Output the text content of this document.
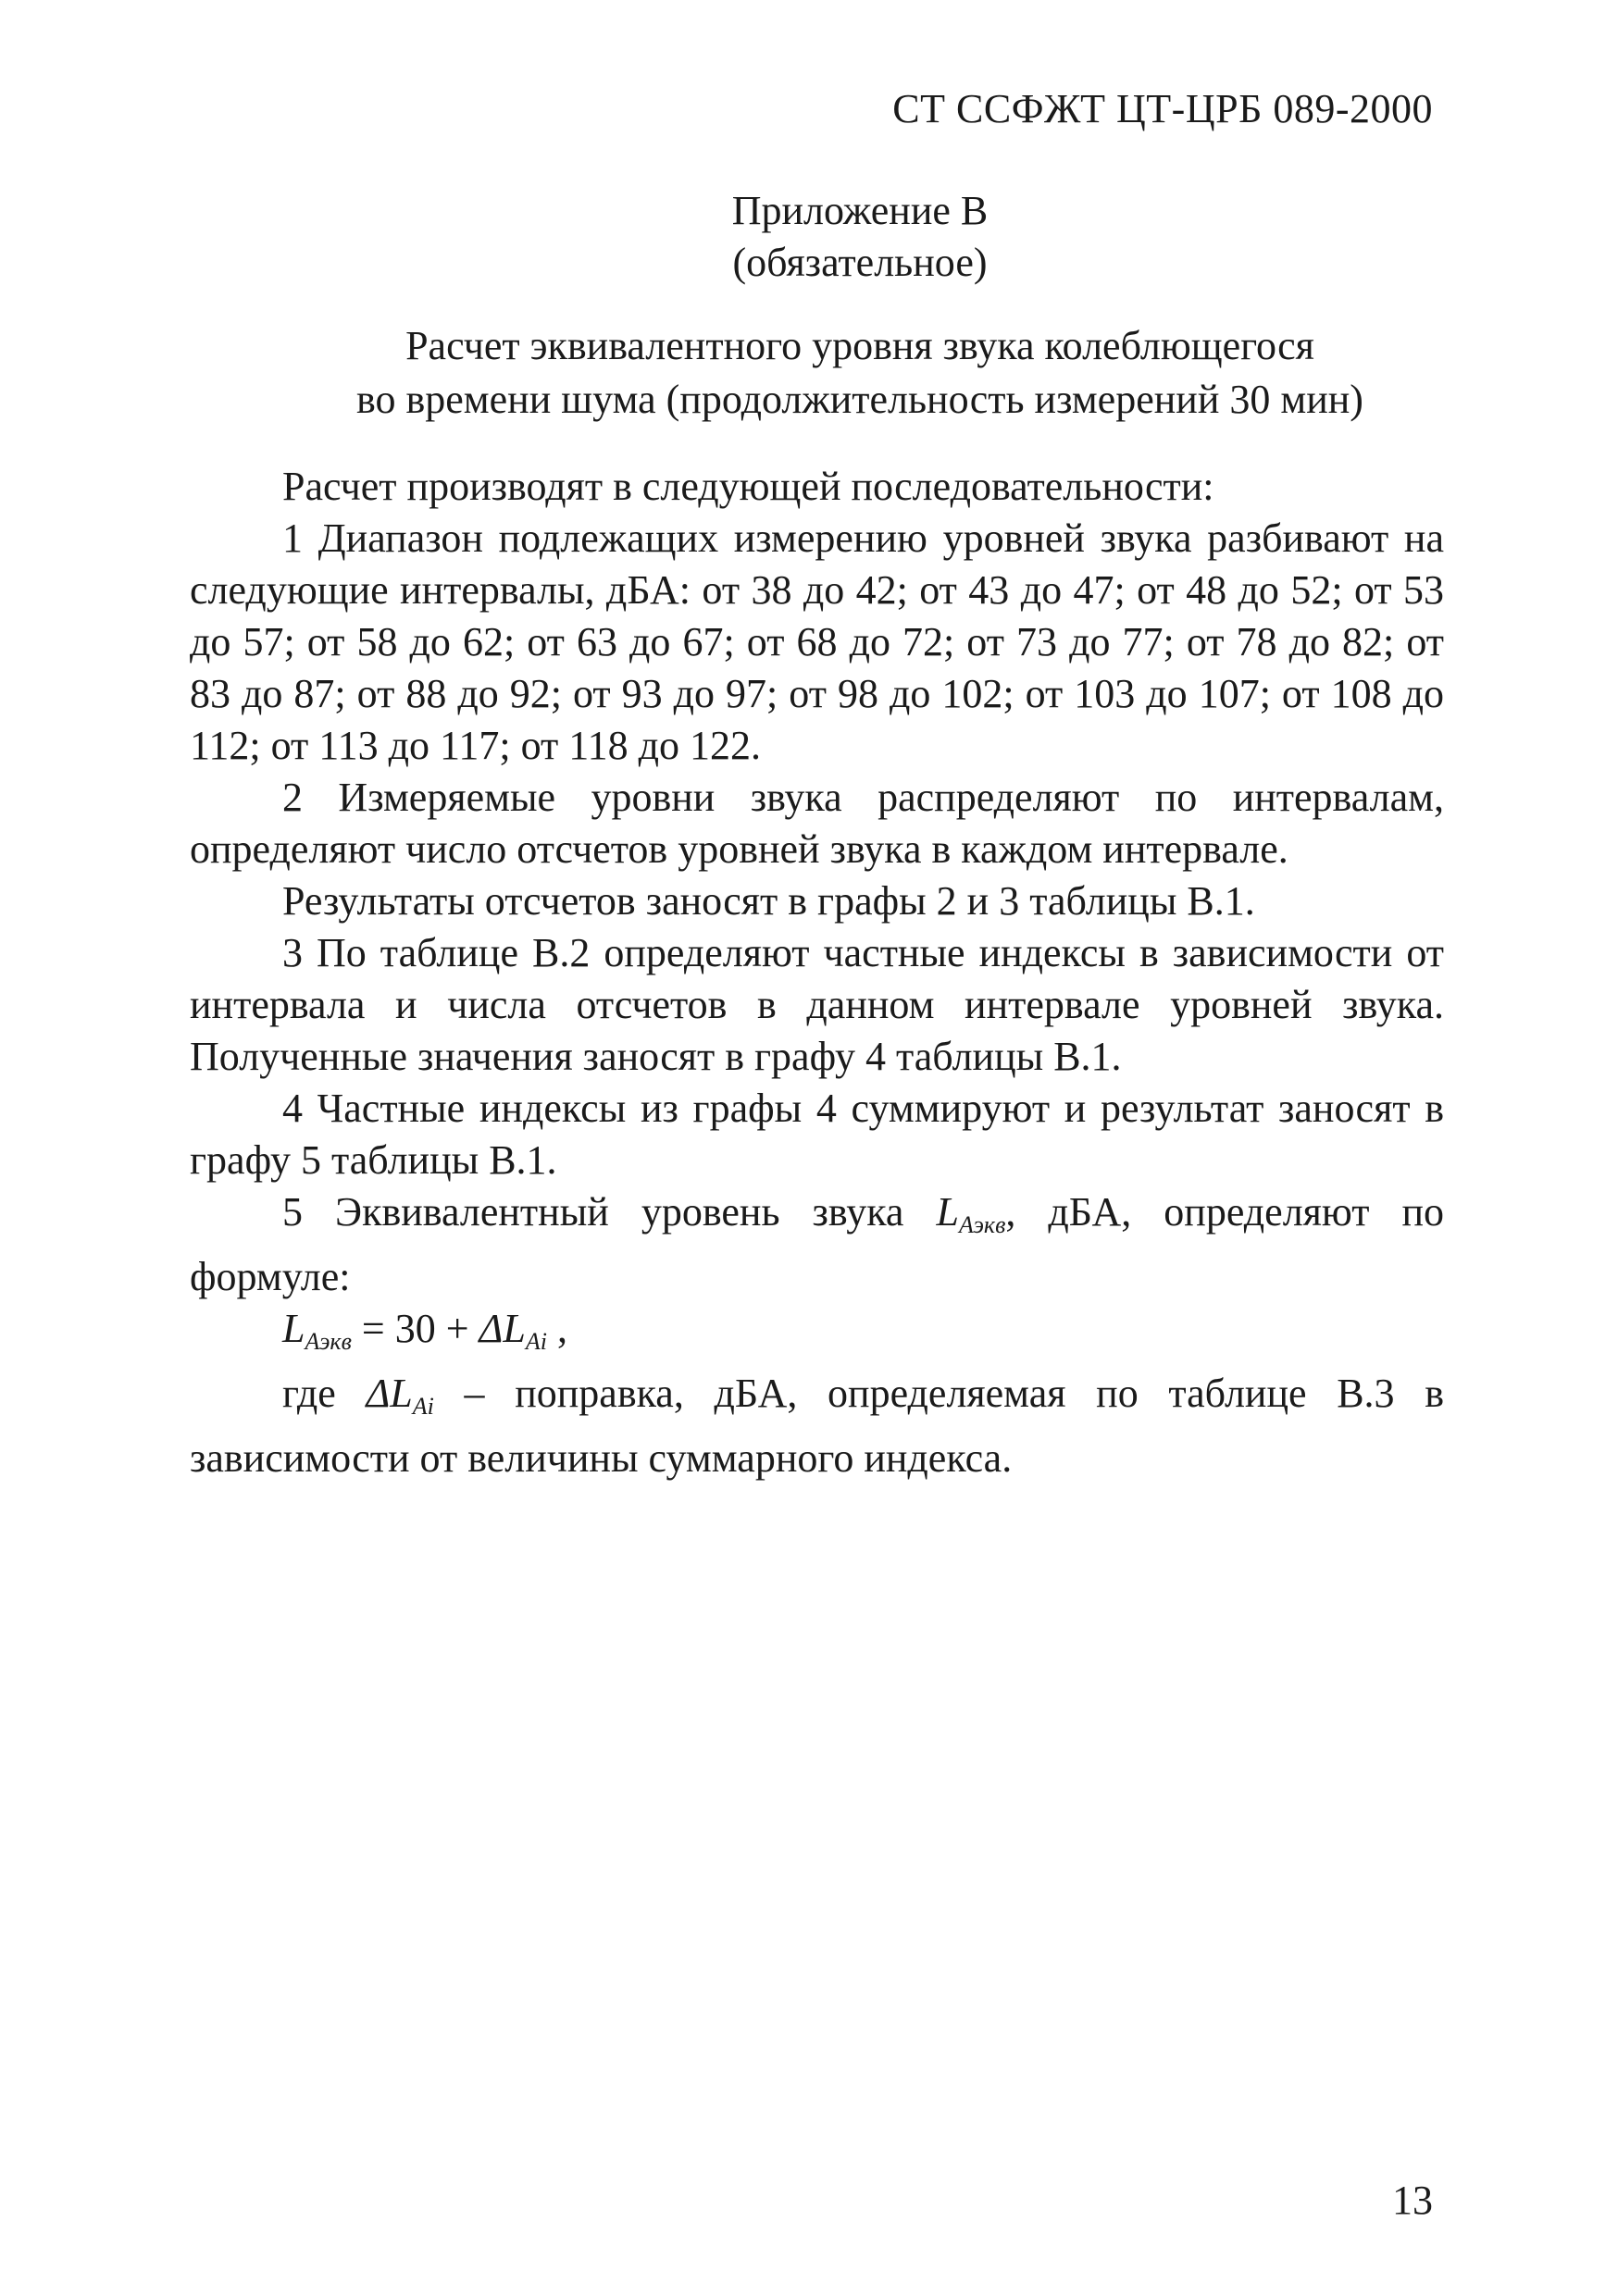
СТ ССФЖТ ЦТ-ЦРБ 089-2000
Приложение В
(обязательное)
Расчет эквивалентного уровня звука колеблющегося
во времени шума (продолжительность измерений 30 мин)

Расчет производят в следующей последовательности:

1 Диапазон подлежащих измерению уровней звука разбивают на следующие интервалы, дБА: от 38 до 42; от 43 до 47; от 48 до 52; от 53 до 57; от 58 до 62; от 63 до 67; от 68 до 72; от 73 до 77; от 78 до 82; от 83 до 87; от 88 до 92; от 93 до 97; от 98 до 102; от 103 до 107; от 108 до 112; от 113 до 117; от 118 до 122.

2 Измеряемые уровни звука распределяют по интервалам, определяют число отсчетов уровней звука в каждом интервале.

Результаты отсчетов заносят в графы 2 и 3 таблицы В.1.

3 По таблице В.2 определяют частные индексы в зависимости от интервала и числа отсчетов в данном интервале уровней звука. Полученные значения заносят в графу 4 таблицы В.1.

4 Частные индексы из графы 4 суммируют и результат заносят в графу 5 таблицы В.1.

5 Эквивалентный уровень звука $L_{Аэкв}$, дБА, определяют по формуле:

$L_{Аэкв} = 30 + \Delta L_{Ai}$ ,

где $\Delta L_{Ai}$ – поправка, дБА, определяемая по таблице В.3 в зависимости от величины суммарного индекса.

13
